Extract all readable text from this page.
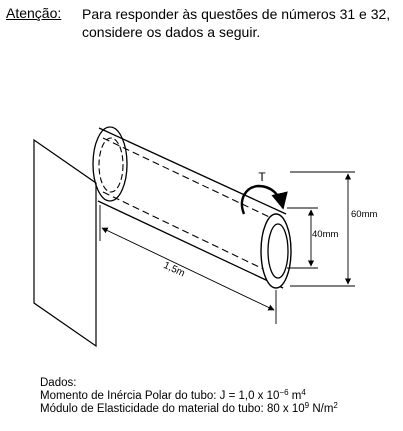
Atenção: Para responder às questões de números 31 e 32,
considere os dados a seguir.
T
60mm
40mm
1,5m
Dados:
Momento de Inércia Polar do tubo: J = 1,0 x $10^{-6}$ $m^4$
Módulo de Elasticidade do material do tubo: 80 x $10^9$ $N/m^2$
